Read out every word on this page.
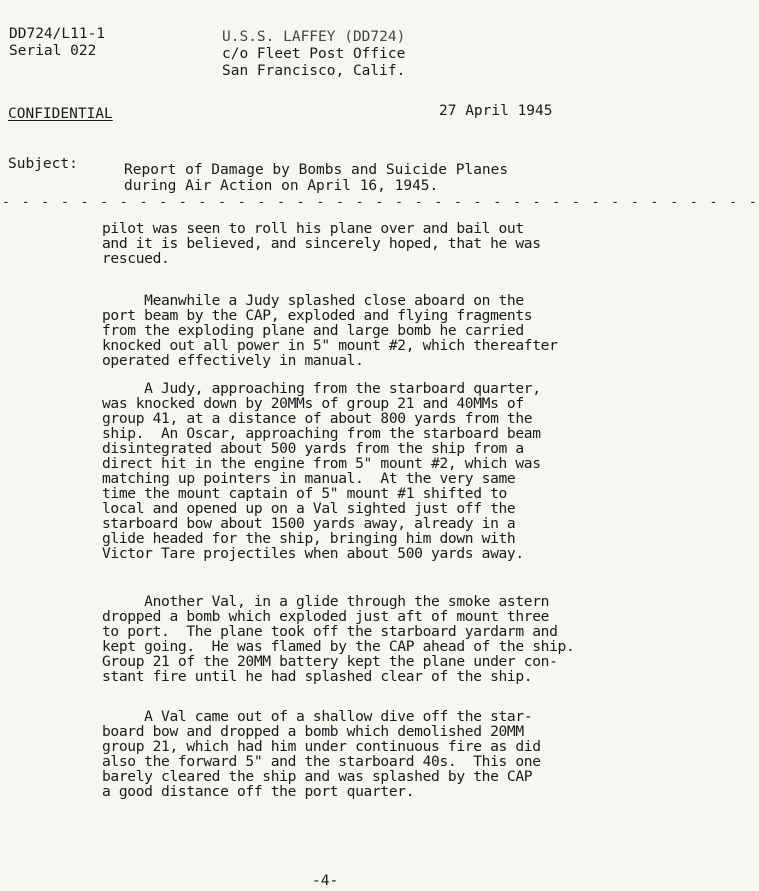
DD724/L11-1
Serial 022
U.S.S. LAFFEY (DD724)
c/o Fleet Post Office
San Francisco, Calif.
CONFIDENTIAL	27 April 1945
Subject:	Report of Damage by Bombs and Suicide Planes
during Air Action on April 16, 1945.
- - - - - - - - - - - - - - - - - - - - - - - - - - - - - - - - - - - - - - -
pilot was seen to roll his plane over and bail out
and it is believed, and sincerely hoped, that he was
rescued.
Meanwhile a Judy splashed close aboard on the
port beam by the CAP, exploded and flying fragments
from the exploding plane and large bomb he carried
knocked out all power in 5" mount #2, which thereafter
operated effectively in manual.
A Judy, approaching from the starboard quarter,
was knocked down by 20MMs of group 21 and 40MMs of
group 41, at a distance of about 800 yards from the
ship.  An Oscar, approaching from the starboard beam
disintegrated about 500 yards from the ship from a
direct hit in the engine from 5" mount #2, which was
matching up pointers in manual.  At the very same
time the mount captain of 5" mount #1 shifted to
local and opened up on a Val sighted just off the
starboard bow about 1500 yards away, already in a
glide headed for the ship, bringing him down with
Victor Tare projectiles when about 500 yards away.
Another Val, in a glide through the smoke astern
dropped a bomb which exploded just aft of mount three
to port.  The plane took off the starboard yardarm and
kept going.  He was flamed by the CAP ahead of the ship.
Group 21 of the 20MM battery kept the plane under con-
stant fire until he had splashed clear of the ship.
A Val came out of a shallow dive off the star-
board bow and dropped a bomb which demolished 20MM
group 21, which had him under continuous fire as did
also the forward 5" and the starboard 40s.  This one
barely cleared the ship and was splashed by the CAP
a good distance off the port quarter.
-4-
